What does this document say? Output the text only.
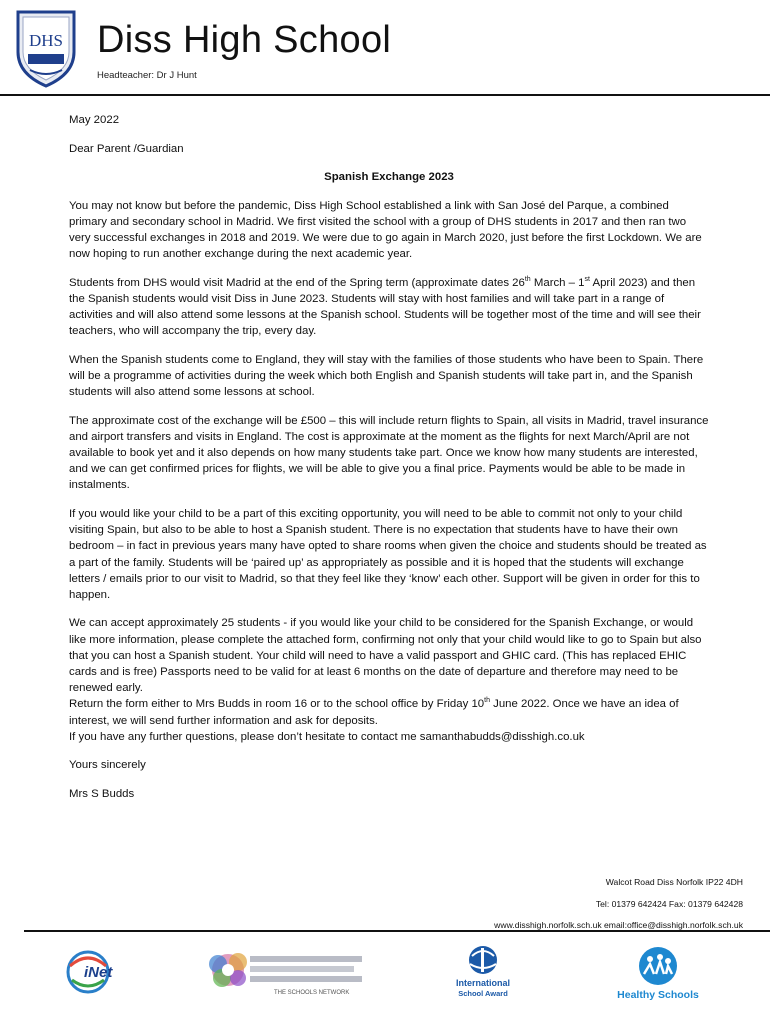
DHS Diss High School
Headteacher: Dr J Hunt

May 2022

Dear Parent /Guardian

Spanish Exchange 2023

You may not know but before the pandemic, Diss High School established a link with San José del Parque, a combined primary and secondary school in Madrid. We first visited the school with a group of DHS students in 2017 and then ran two very successful exchanges in 2018 and 2019. We were due to go again in March 2020, just before the first Lockdown. We are now hoping to run another exchange during the next academic year.

Students from DHS would visit Madrid at the end of the Spring term (approximate dates 26th March – 1st April 2023) and then the Spanish students would visit Diss in June 2023. Students will stay with host families and will take part in a range of activities and will also attend some lessons at the Spanish school. Students will be together most of the time and will see their teachers, who will accompany the trip, every day.

When the Spanish students come to England, they will stay with the families of those students who have been to Spain. There will be a programme of activities during the week which both English and Spanish students will take part in, and the Spanish students will also attend some lessons at school.

The approximate cost of the exchange will be £500 – this will include return flights to Spain, all visits in Madrid, travel insurance and airport transfers and visits in England. The cost is approximate at the moment as the flights for next March/April are not available to book yet and it also depends on how many students take part. Once we know how many students are interested, and we can get confirmed prices for flights, we will be able to give you a final price. Payments would be able to be made in instalments.

If you would like your child to be a part of this exciting opportunity, you will need to be able to commit not only to your child visiting Spain, but also to be able to host a Spanish student. There is no expectation that students have to have their own bedroom – in fact in previous years many have opted to share rooms when given the choice and students should be treated as a part of the family. Students will be ‘paired up’ as appropriately as possible and it is hoped that the students will exchange letters / emails prior to our visit to Madrid, so that they feel like they ‘know’ each other. Support will be given in order for this to happen.

We can accept approximately 25 students - if you would like your child to be considered for the Spanish Exchange, or would like more information, please complete the attached form, confirming not only that your child would like to go to Spain but also that you can host a Spanish student. Your child will need to have a valid passport and GHIC card. (This has replaced EHIC cards and is free) Passports need to be valid for at least 6 months on the date of departure and therefore may need to be renewed early.

Return the form either to Mrs Budds in room 16 or to the school office by Friday 10th June 2022. Once we have an idea of interest, we will send further information and ask for deposits.

If you have any further questions, please don’t hesitate to contact me samanthabudds@disshigh.co.uk

Yours sincerely

Mrs S Budds

Walcot Road Diss Norfolk IP22 4DH
Tel: 01379 642424 Fax: 01379 642428
www.disshigh.norfolk.sch.uk email:office@disshigh.norfolk.sch.uk
iNet
THE SCHOOLS NETWORK
International
School Award	Healthy Schools
